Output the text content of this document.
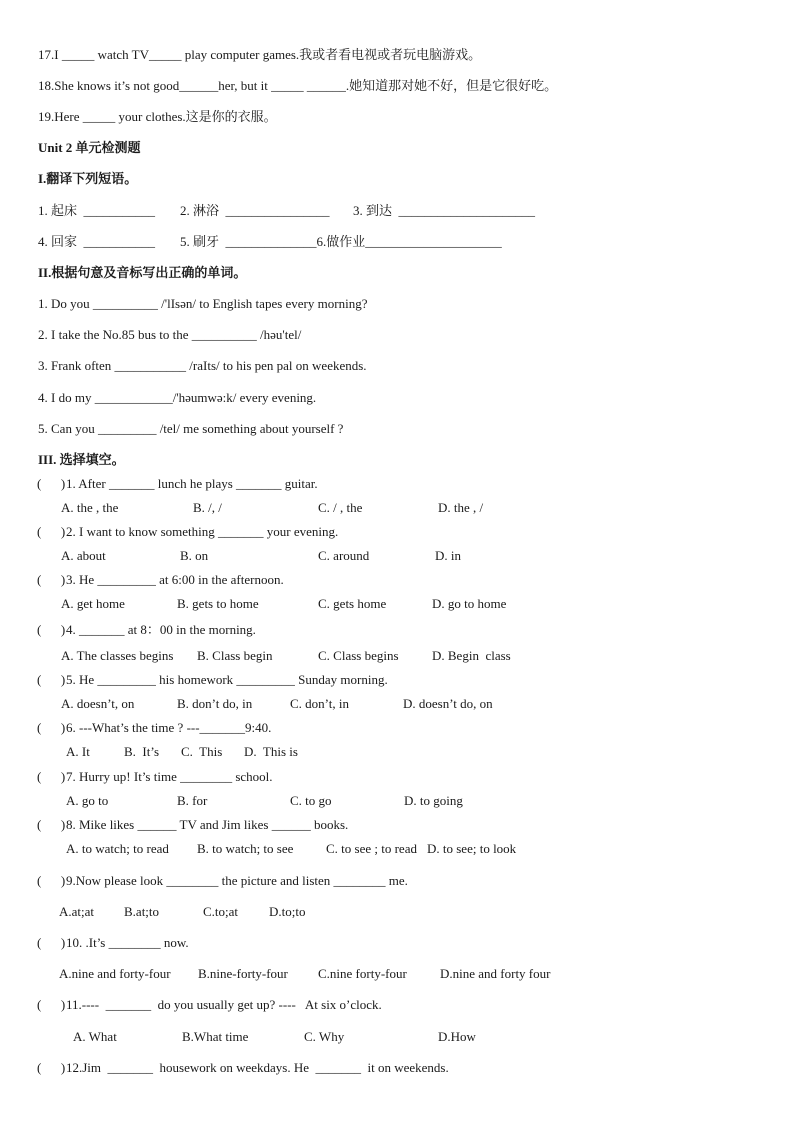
17.I _____ watch TV_____ play computer games.我或者看电视或者玩电脑游戏。
18.She knows it’s not good______her, but it _____ ______.她知道那对她不好，但是它很好吃。
19.Here _____ your clothes.这是你的衣服。
Unit 2 单元检测题
I.翻译下列短语。
1. 起床  ___________ 2. 淋浴  ________________ 3. 到达  _____________________
4. 回家  ___________ 5. 刷牙  ______________6.做作业_____________________
II.根据句意及音标写出正确的单词。
1. Do you __________ /'lIsən/ to English tapes every morning?
2. I take the No.85 bus to the __________ /həu'tel/
3. Frank often ___________ /raIts/ to his pen pal on weekends.
4. I do my ____________/'həumwə:k/ every evening.
5. Can you _________ /tel/ me something about yourself ?
III. 选择填空。
(      ) 1. After _______ lunch he plays _______ guitar.
A. the , the	B. /, /	C. / , the	D. the , /
(      ) 2. I want to know something _______ your evening.
A. about	B. on	C. around	D. in
(      ) 3. He _________ at 6:00 in the afternoon.
A. get home	B. gets to home	C. gets home	D. go to home
(      ) 4. _______ at 8：00 in the morning.
A. The classes begins B. Class begin	C. Class begins	D. Begin  class
(      ) 5. He _________ his homework _________ Sunday morning.
A. doesn’t, on	B. don’t do, in	C. don’t, in	D. doesn’t do, on
(      ) 6. ---What’s the time ? ---_______9:40.
A. It	B.  It’s C.  This D.  This is
(      ) 7. Hurry up! It’s time ________ school.
A. go to	B. for	C. to go	D. to going
(      ) 8. Mike likes ______ TV and Jim likes ______ books.
A. to watch; to read B. to watch; to see	C. to see ; to read D. to see; to look
(      ) 9.Now please look ________ the picture and listen ________ me.
A.at;at B.at;to	C.to;at D.to;to
(      ) 10. .It’s ________ now.
A.nine and forty-four B.nine-forty-four C.nine forty-four	D.nine and forty four
(      ) 11.----  _______  do you usually get up? ----   At six o’clock.
A. What	B.What time	C. Why	D.How
(      ) 12.Jim  _______  housework on weekdays. He  _______  it on weekends.
